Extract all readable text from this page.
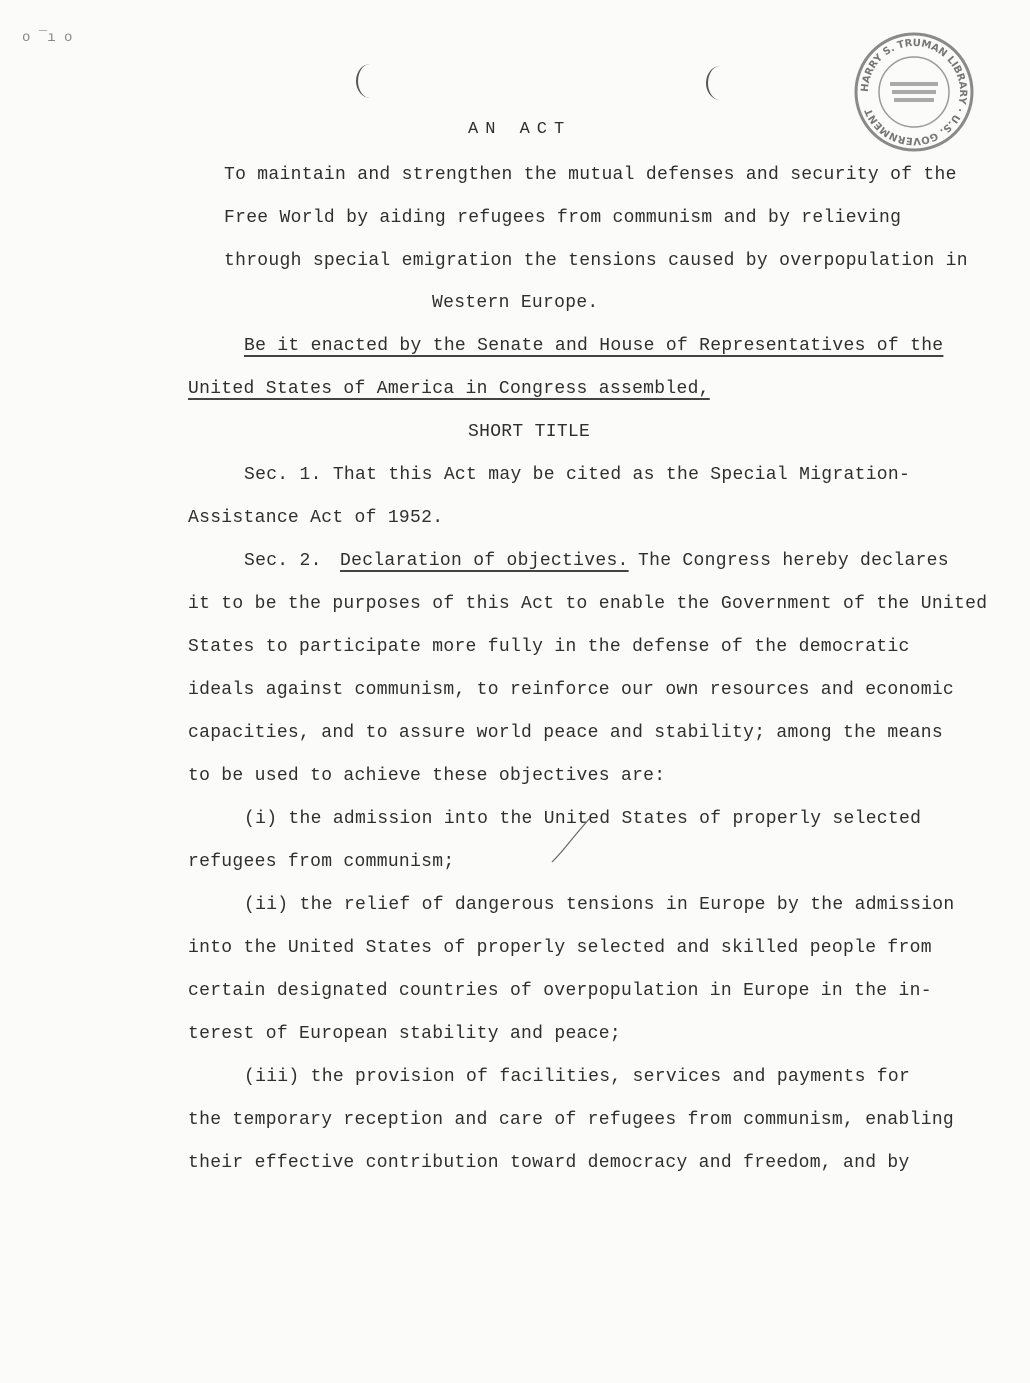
o ¯ı o
HARRY S. TRUMAN LIBRARY · U.S. GOVERNMENT
AN ACT
To maintain and strengthen the mutual defenses and security of the
Free World by aiding refugees from communism and by relieving
through special emigration the tensions caused by overpopulation in
Western Europe.
Be it enacted by the Senate and House of Representatives of the
United States of America in Congress assembled,
SHORT TITLE
Sec. 1. That this Act may be cited as the Special Migration-
Assistance Act of 1952.
Sec. 2. Declaration of objectives. The Congress hereby declares
it to be the purposes of this Act to enable the Government of the United
States to participate more fully in the defense of the democratic
ideals against communism, to reinforce our own resources and economic
capacities, and to assure world peace and stability; among the means
to be used to achieve these objectives are:
(i) the admission into the United States of properly selected
refugees from communism;
(ii) the relief of dangerous tensions in Europe by the admission
into the United States of properly selected and skilled people from
certain designated countries of overpopulation in Europe in the in-
terest of European stability and peace;
(iii) the provision of facilities, services and payments for
the temporary reception and care of refugees from communism, enabling
their effective contribution toward democracy and freedom, and by
